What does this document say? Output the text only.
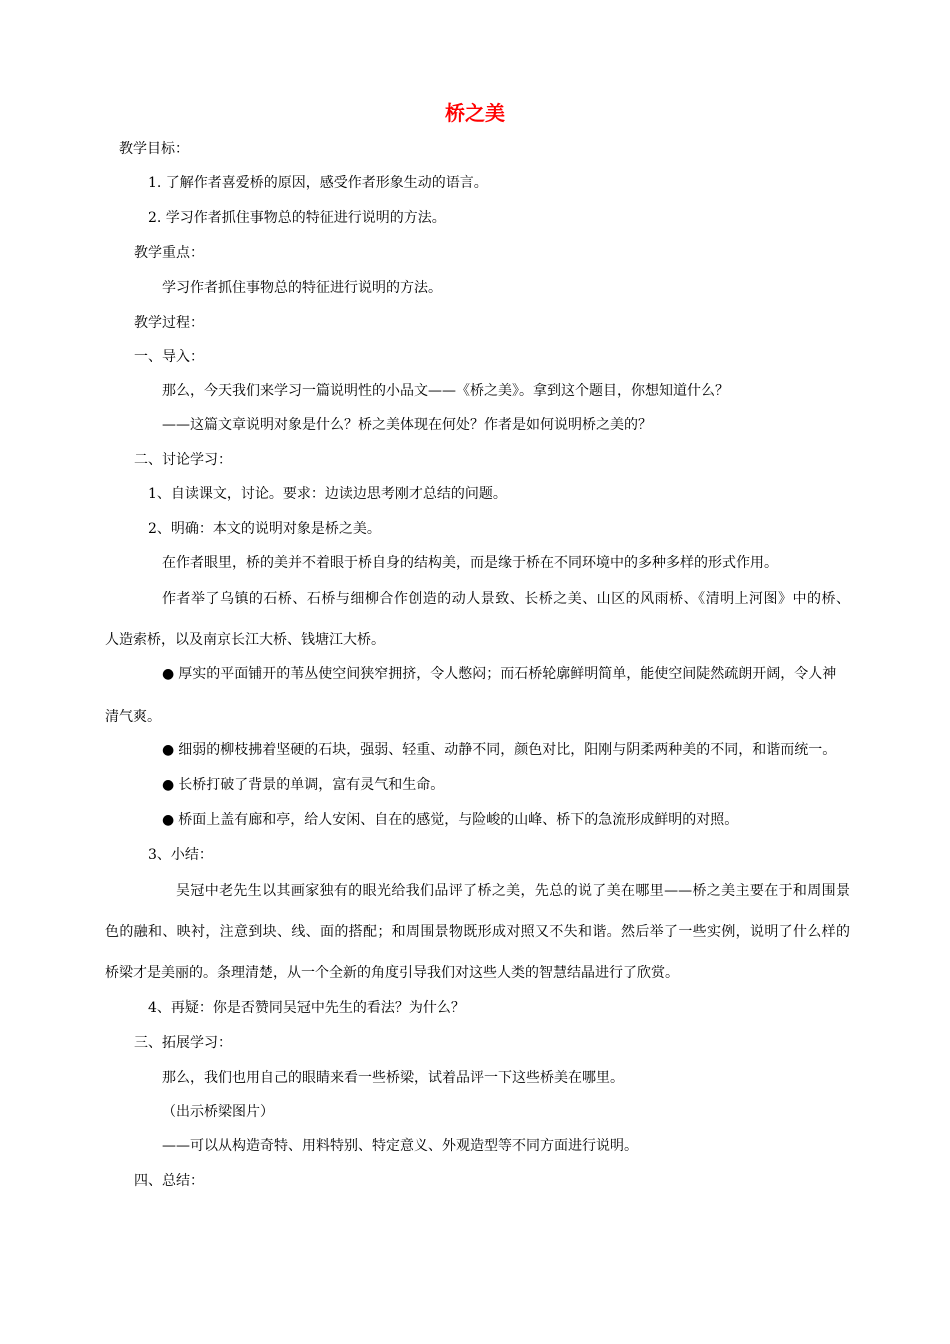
桥之美
教学目标：
1. 了解作者喜爱桥的原因，感受作者形象生动的语言。
2. 学习作者抓住事物总的特征进行说明的方法。
教学重点：
学习作者抓住事物总的特征进行说明的方法。
教学过程：
一、导入：
那么，今天我们来学习一篇说明性的小品文——《桥之美》。拿到这个题目，你想知道什么？
——这篇文章说明对象是什么？桥之美体现在何处？作者是如何说明桥之美的？
二、讨论学习：
1、自读课文，讨论。要求：边读边思考刚才总结的问题。
2、明确：本文的说明对象是桥之美。
在作者眼里，桥的美并不着眼于桥自身的结构美，而是缘于桥在不同环境中的多种多样的形式作用。
作者举了乌镇的石桥、石桥与细柳合作创造的动人景致、长桥之美、山区的风雨桥、《清明上河图》中的桥、
人造索桥，以及南京长江大桥、钱塘江大桥。
● 厚实的平面铺开的苇丛使空间狭窄拥挤，令人憋闷；而石桥轮廓鲜明简单，能使空间陡然疏朗开阔，令人神
清气爽。
● 细弱的柳枝拂着坚硬的石块，强弱、轻重、动静不同，颜色对比，阳刚与阴柔两种美的不同，和谐而统一。
● 长桥打破了背景的单调，富有灵气和生命。
● 桥面上盖有廊和亭，给人安闲、自在的感觉，与险峻的山峰、桥下的急流形成鲜明的对照。
3、小结：
吴冠中老先生以其画家独有的眼光给我们品评了桥之美，先总的说了美在哪里——桥之美主要在于和周围景
色的融和、映衬，注意到块、线、面的搭配；和周围景物既形成对照又不失和谐。然后举了一些实例，说明了什么样的
桥梁才是美丽的。条理清楚，从一个全新的角度引导我们对这些人类的智慧结晶进行了欣赏。
4、再疑：你是否赞同吴冠中先生的看法？为什么？
三、拓展学习：
那么，我们也用自己的眼睛来看一些桥梁，试着品评一下这些桥美在哪里。
（出示桥梁图片）
——可以从构造奇特、用料特别、特定意义、外观造型等不同方面进行说明。
四、总结：
